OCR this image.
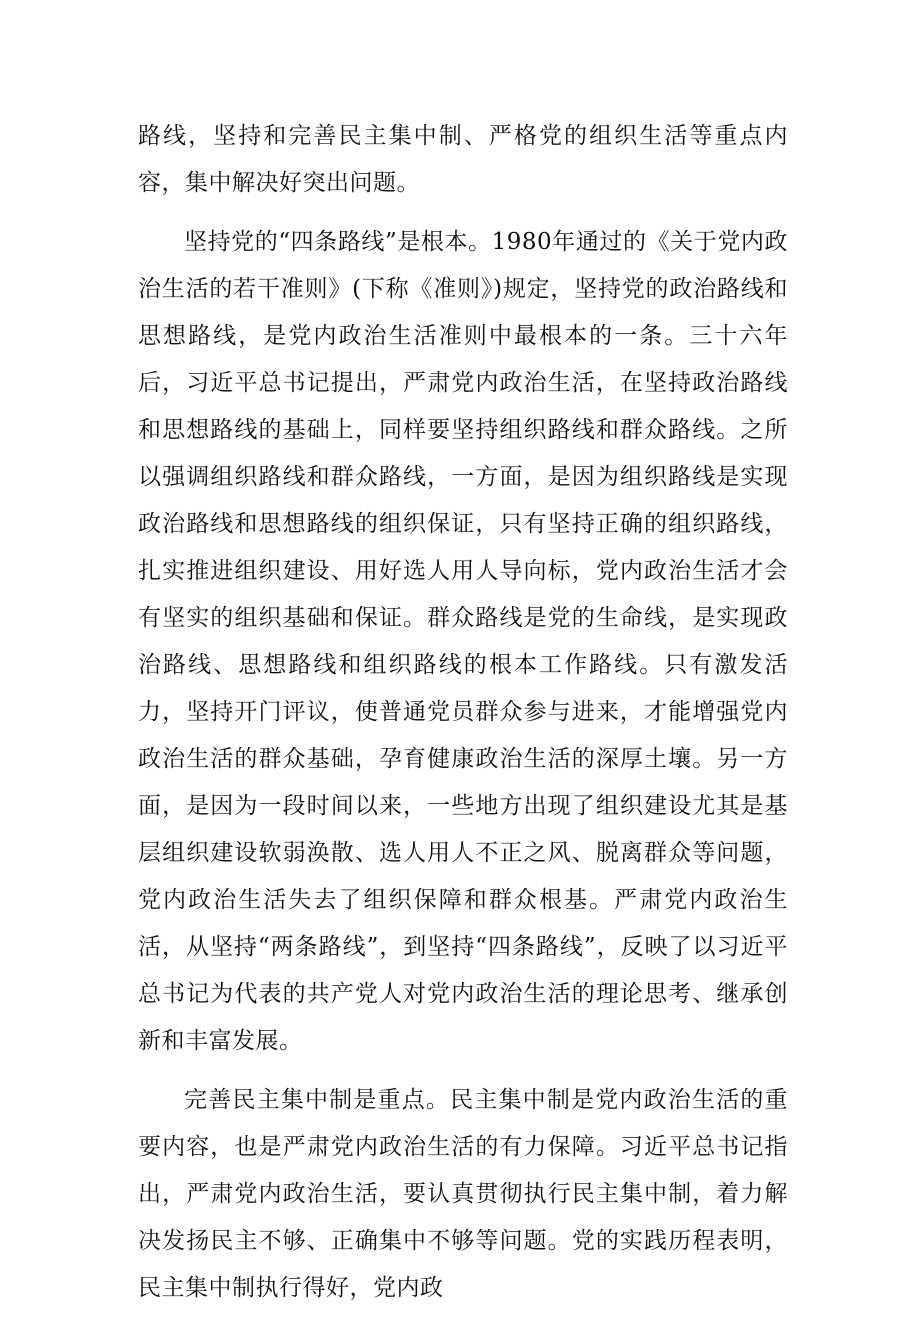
路线，坚持和完善民主集中制、严格党的组织生活等重点内容，集中解决好突出问题。

坚持党的“四条路线”是根本。1980年通过的《关于党内政治生活的若干准则》(下称《准则》)规定，坚持党的政治路线和思想路线，是党内政治生活准则中最根本的一条。三十六年后，习近平总书记提出，严肃党内政治生活，在坚持政治路线和思想路线的基础上，同样要坚持组织路线和群众路线。之所以强调组织路线和群众路线，一方面，是因为组织路线是实现政治路线和思想路线的组织保证，只有坚持正确的组织路线，扎实推进组织建设、用好选人用人导向标，党内政治生活才会有坚实的组织基础和保证。群众路线是党的生命线，是实现政治路线、思想路线和组织路线的根本工作路线。只有激发活力，坚持开门评议，使普通党员群众参与进来，才能增强党内政治生活的群众基础，孕育健康政治生活的深厚土壤。另一方面，是因为一段时间以来，一些地方出现了组织建设尤其是基层组织建设软弱涣散、选人用人不正之风、脱离群众等问题，党内政治生活失去了组织保障和群众根基。严肃党内政治生活，从坚持“两条路线”，到坚持“四条路线”，反映了以习近平总书记为代表的共产党人对党内政治生活的理论思考、继承创新和丰富发展。

完善民主集中制是重点。民主集中制是党内政治生活的重要内容，也是严肃党内政治生活的有力保障。习近平总书记指出，严肃党内政治生活，要认真贯彻执行民主集中制，着力解决发扬民主不够、正确集中不够等问题。党的实践历程表明，民主集中制执行得好，党内政
